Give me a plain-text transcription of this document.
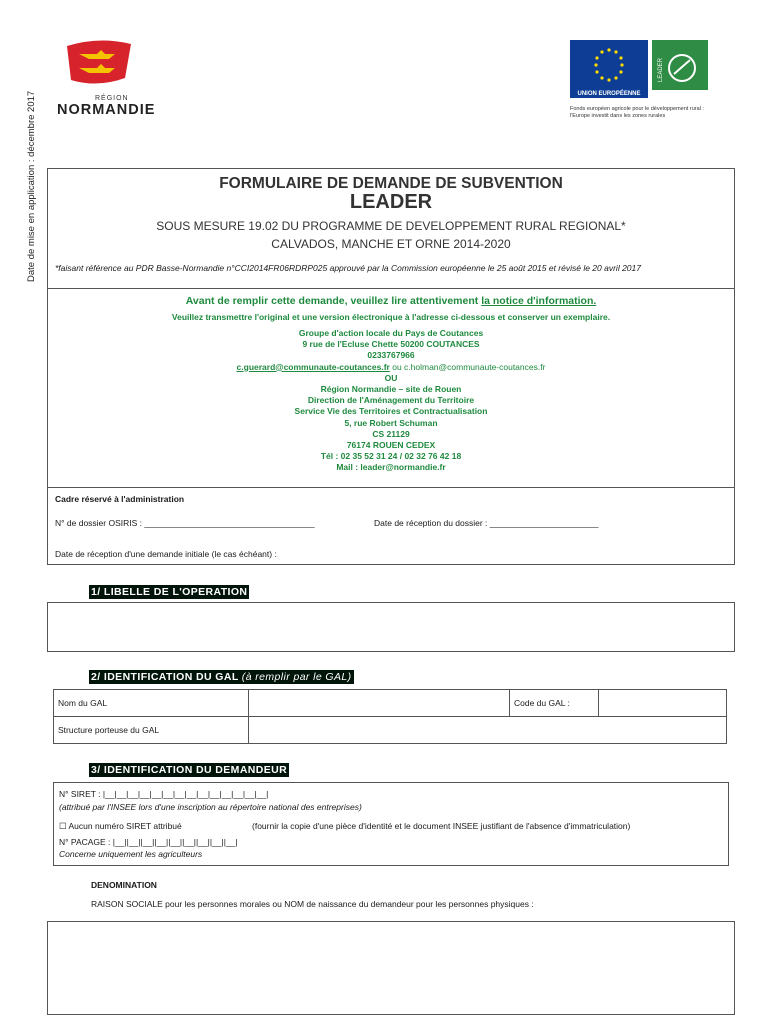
Date de mise en application : décembre 2017	RÉGION
NORMANDIE
LEADER
UNION EUROPÉENNE
Fonds européen agricole pour le développement rural :
l'Europe investit dans les zones rurales
FORMULAIRE DE DEMANDE DE SUBVENTION
LEADER
SOUS MESURE 19.02 DU PROGRAMME DE DEVELOPPEMENT RURAL REGIONAL*
CALVADOS, MANCHE ET ORNE 2014-2020
*faisant référence au PDR Basse-Normandie n°CCI2014FR06RDRP025 approuvé par la Commission européenne le 25 août 2015 et révisé le 20 avril 2017
Avant de remplir cette demande, veuillez lire attentivement la notice d'information.
Veuillez transmettre l'original et une version électronique à l'adresse ci-dessous et conserver un exemplaire.
Groupe d'action locale du Pays de Coutances
9 rue de l'Ecluse Chette 50200 COUTANCES
0233767966
c.guerard@communaute-coutances.fr ou c.holman@communaute-coutances.fr
OU
Région Normandie – site de Rouen
Direction de l'Aménagement du Territoire
Service Vie des Territoires et Contractualisation
5, rue Robert Schuman
CS 21129
76174 ROUEN CEDEX
Tél : 02 35 52 31 24 / 02 32 76 42 18
Mail : leader@normandie.fr
Cadre réservé à l'administration
N° de dossier OSIRIS : ____________________________________	Date de réception du dossier : _______________________
Date de réception d'une demande initiale (le cas échéant) :
1/ LIBELLE DE L'OPERATION
2/ IDENTIFICATION DU GAL (à remplir par le GAL)
Nom du GAL		Code du GAL :	
Structure porteuse du GAL			
3/ IDENTIFICATION DU DEMANDEUR
N° SIRET : |__|__|__|__|__|__|__|__|__|__|__|__|__|__|
(attribué par l'INSEE lors d'une inscription au répertoire national des entreprises)
☐ Aucun numéro SIRET attribué	(fournir la copie d'une pièce d'identité et le document INSEE justifiant de l'absence d'immatriculation)
N° PACAGE : |__||__||__||__||__||__||__||__||__|
Concerne uniquement les agriculteurs
DENOMINATION
RAISON SOCIALE pour les personnes morales ou NOM de naissance du demandeur pour les personnes physiques :
